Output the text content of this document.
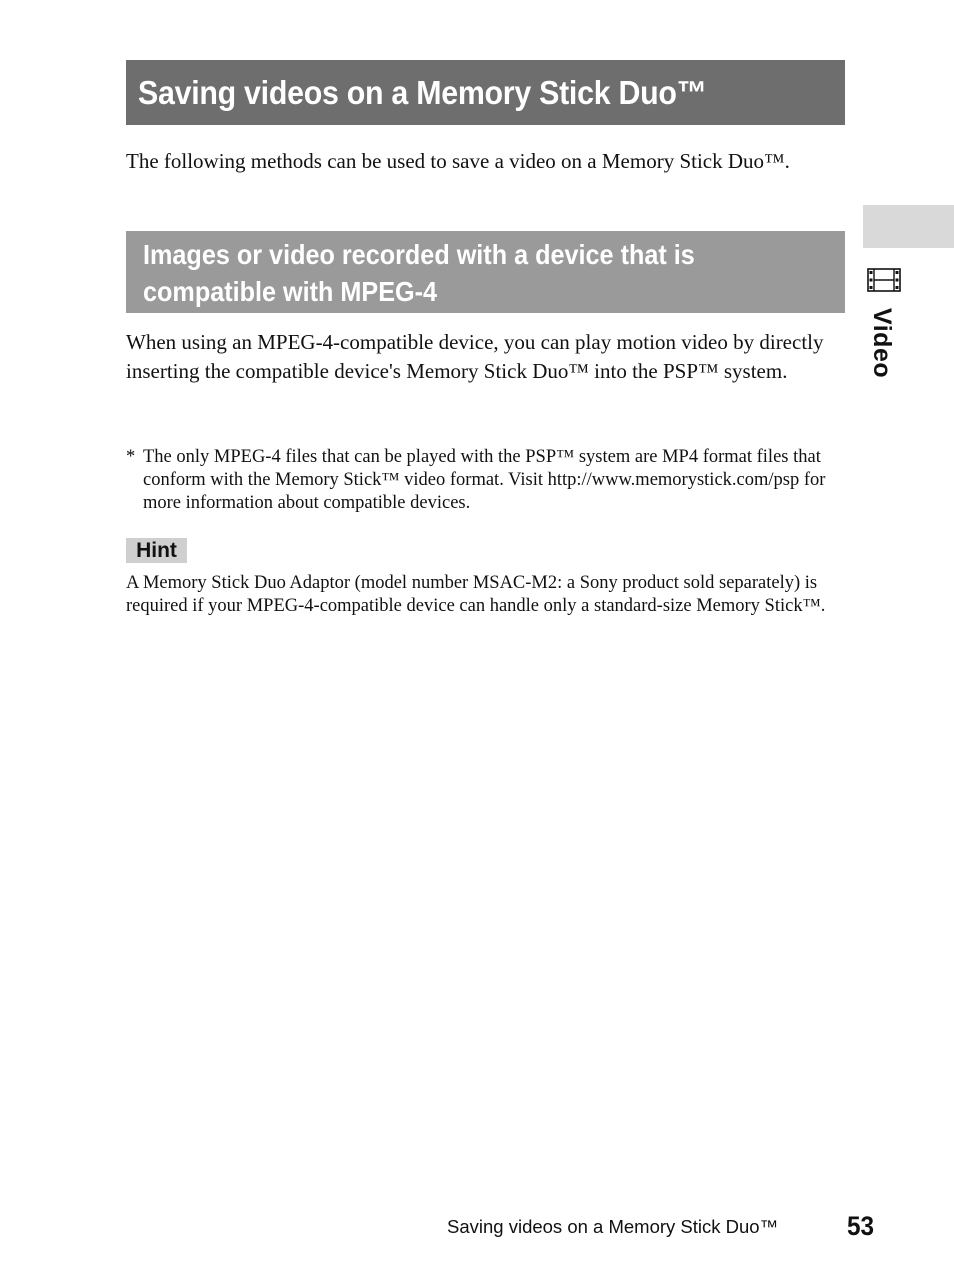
Saving videos on a Memory Stick Duo™

The following methods can be used to save a video on a Memory Stick Duo™.

Images or video recorded with a device that is compatible with MPEG-4

When using an MPEG-4-compatible device, you can play motion video by directly inserting the compatible device's Memory Stick Duo™ into the PSP™ system.

* The only MPEG-4 files that can be played with the PSP™ system are MP4 format files that conform with the Memory Stick™ video format. Visit http://www.memorystick.com/psp for more information about compatible devices.
Hint

A Memory Stick Duo Adaptor (model number MSAC-M2: a Sony product sold separately) is required if your MPEG-4-compatible device can handle only a standard-size Memory Stick™.

Video
Saving videos on a Memory Stick Duo™	53
